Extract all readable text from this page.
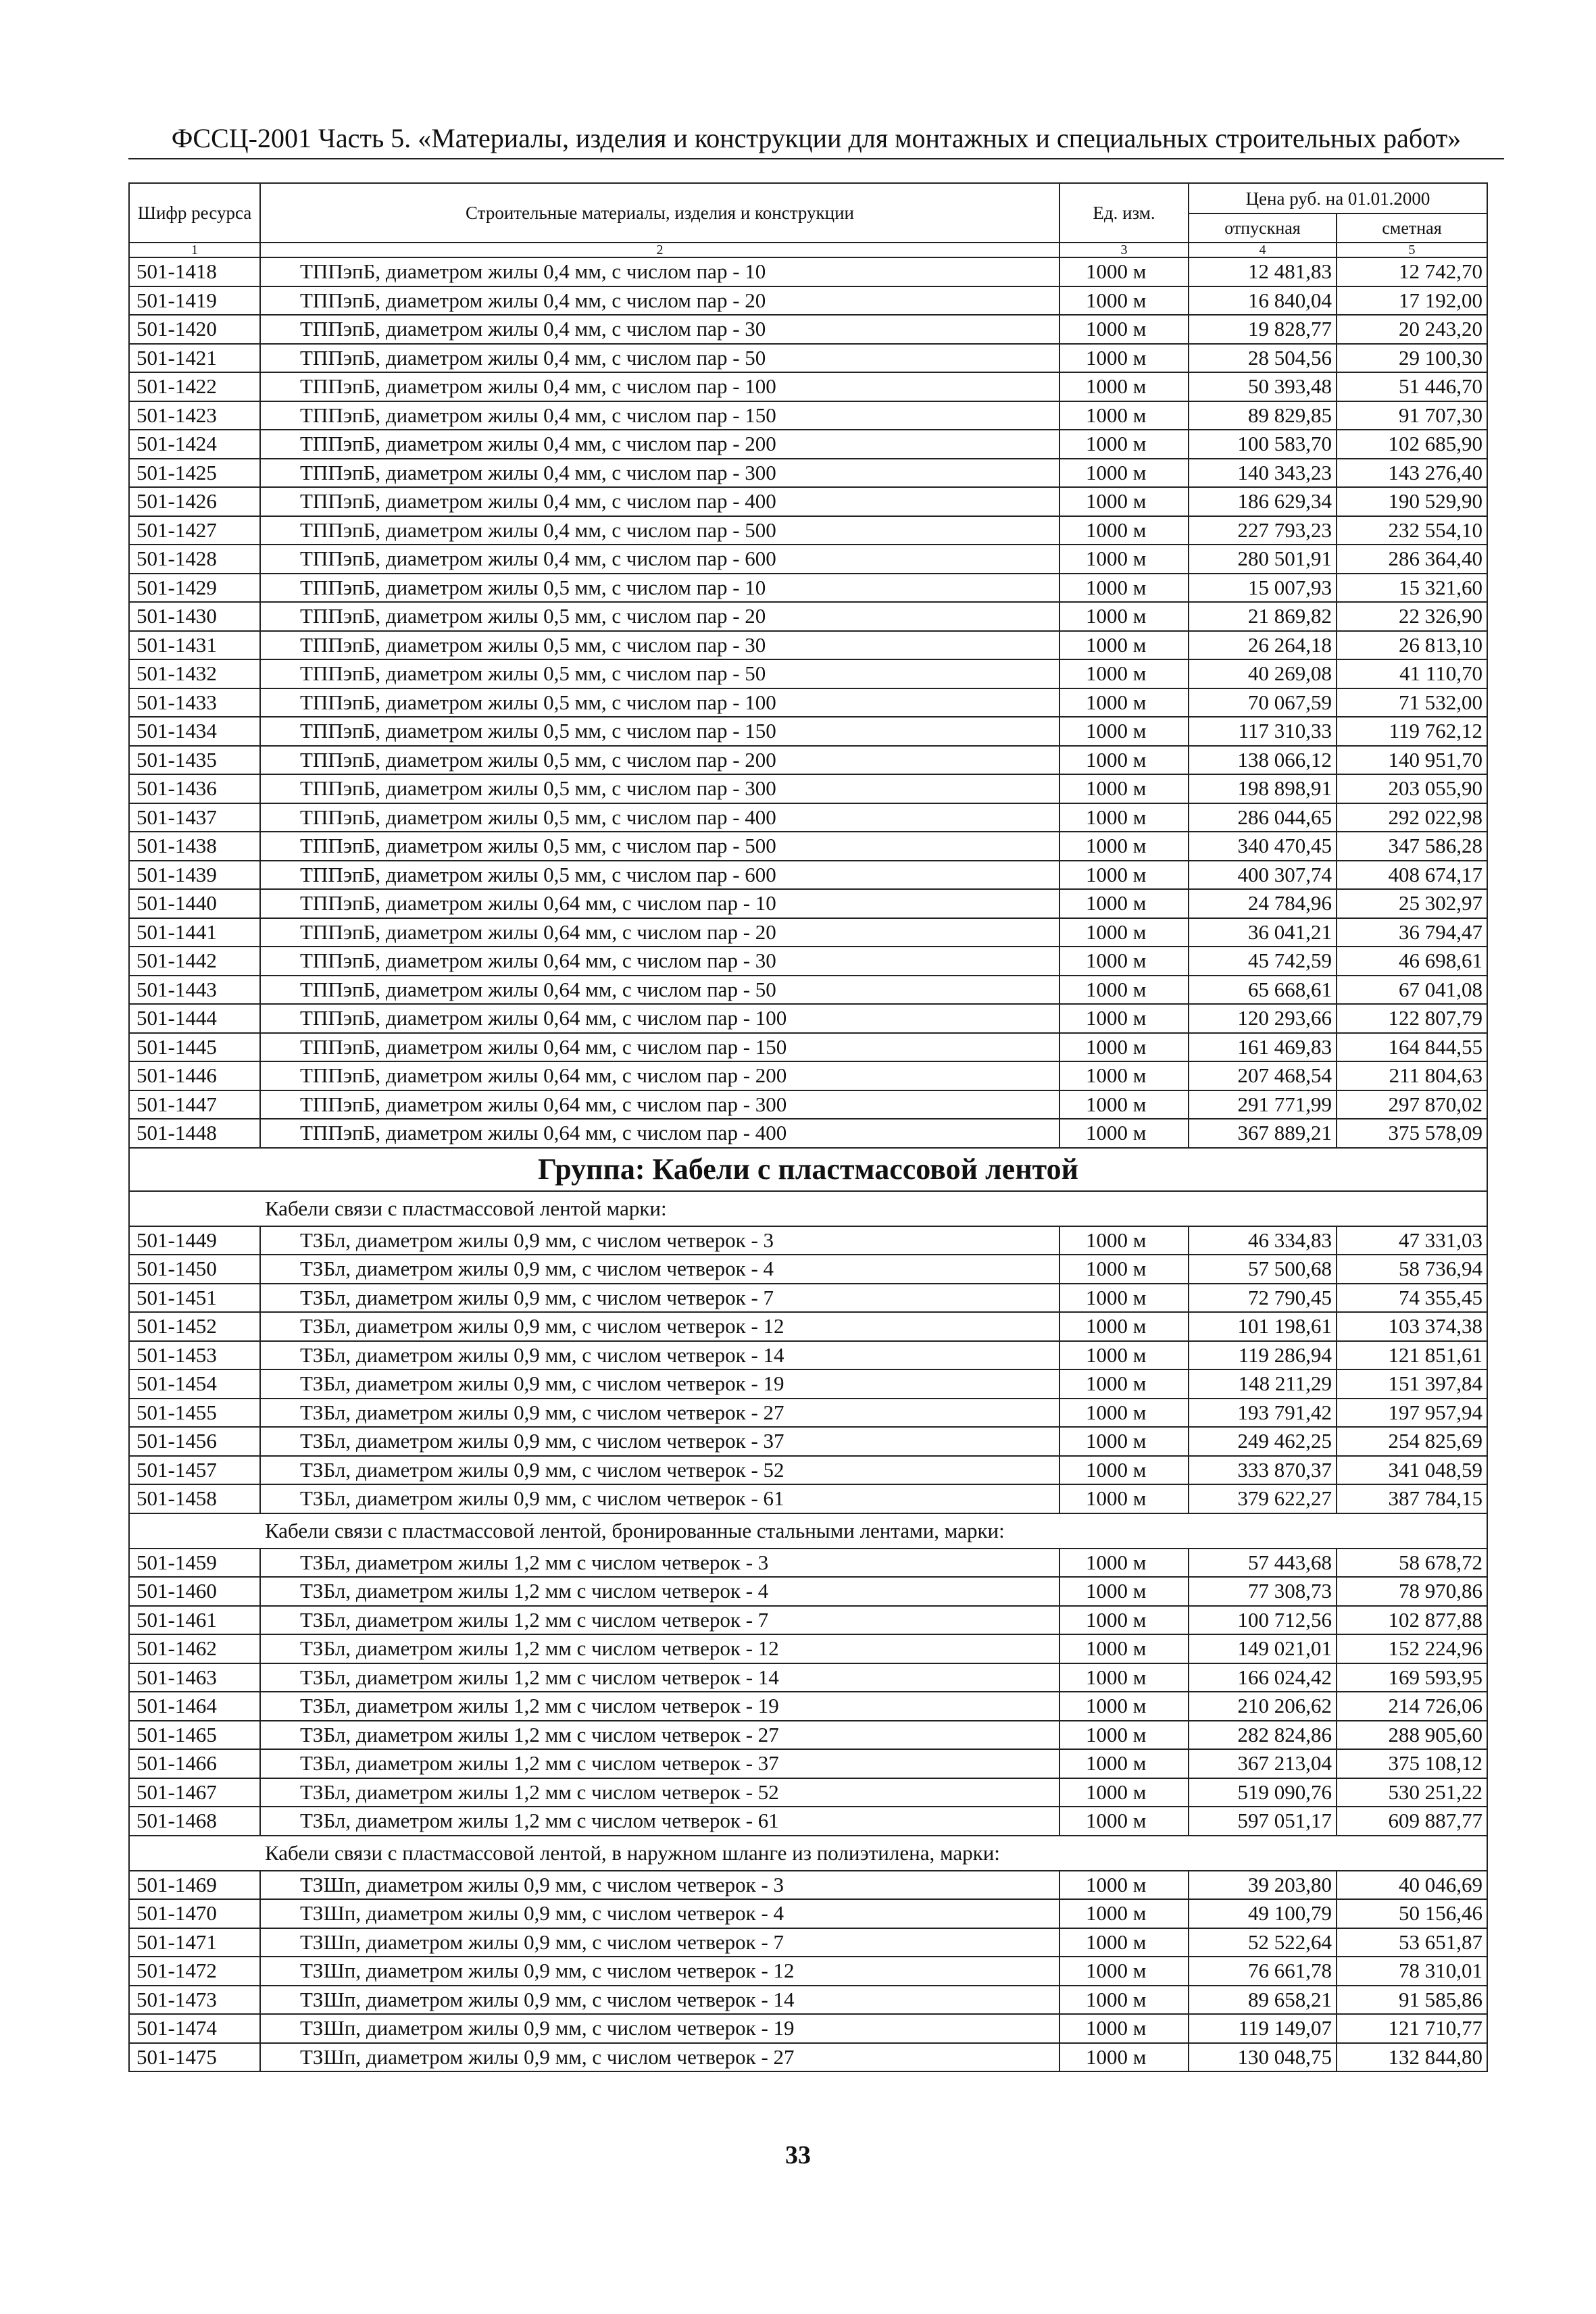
ФССЦ-2001 Часть 5. «Материалы, изделия и конструкции для монтажных и специальных строительных работ»
Шифр ресурса	Строительные материалы, изделия и конструкции	Ед. изм.	Цена руб. на 01.01.2000	
			отпускная	сметная
1	2	3	4	5
501-1418	ТППэпБ, диаметром жилы 0,4 мм, с числом пар - 10	1000 м	12 481,83	12 742,70
501-1419	ТППэпБ, диаметром жилы 0,4 мм, с числом пар - 20	1000 м	16 840,04	17 192,00
501-1420	ТППэпБ, диаметром жилы 0,4 мм, с числом пар - 30	1000 м	19 828,77	20 243,20
501-1421	ТППэпБ, диаметром жилы 0,4 мм, с числом пар - 50	1000 м	28 504,56	29 100,30
501-1422	ТППэпБ, диаметром жилы 0,4 мм, с числом пар - 100	1000 м	50 393,48	51 446,70
501-1423	ТППэпБ, диаметром жилы 0,4 мм, с числом пар - 150	1000 м	89 829,85	91 707,30
501-1424	ТППэпБ, диаметром жилы 0,4 мм, с числом пар - 200	1000 м	100 583,70	102 685,90
501-1425	ТППэпБ, диаметром жилы 0,4 мм, с числом пар - 300	1000 м	140 343,23	143 276,40
501-1426	ТППэпБ, диаметром жилы 0,4 мм, с числом пар - 400	1000 м	186 629,34	190 529,90
501-1427	ТППэпБ, диаметром жилы 0,4 мм, с числом пар - 500	1000 м	227 793,23	232 554,10
501-1428	ТППэпБ, диаметром жилы 0,4 мм, с числом пар - 600	1000 м	280 501,91	286 364,40
501-1429	ТППэпБ, диаметром жилы 0,5 мм, с числом пар - 10	1000 м	15 007,93	15 321,60
501-1430	ТППэпБ, диаметром жилы 0,5 мм, с числом пар - 20	1000 м	21 869,82	22 326,90
501-1431	ТППэпБ, диаметром жилы 0,5 мм, с числом пар - 30	1000 м	26 264,18	26 813,10
501-1432	ТППэпБ, диаметром жилы 0,5 мм, с числом пар - 50	1000 м	40 269,08	41 110,70
501-1433	ТППэпБ, диаметром жилы 0,5 мм, с числом пар - 100	1000 м	70 067,59	71 532,00
501-1434	ТППэпБ, диаметром жилы 0,5 мм, с числом пар - 150	1000 м	117 310,33	119 762,12
501-1435	ТППэпБ, диаметром жилы 0,5 мм, с числом пар - 200	1000 м	138 066,12	140 951,70
501-1436	ТППэпБ, диаметром жилы 0,5 мм, с числом пар - 300	1000 м	198 898,91	203 055,90
501-1437	ТППэпБ, диаметром жилы 0,5 мм, с числом пар - 400	1000 м	286 044,65	292 022,98
501-1438	ТППэпБ, диаметром жилы 0,5 мм, с числом пар - 500	1000 м	340 470,45	347 586,28
501-1439	ТППэпБ, диаметром жилы 0,5 мм, с числом пар - 600	1000 м	400 307,74	408 674,17
501-1440	ТППэпБ, диаметром жилы 0,64 мм, с числом пар - 10	1000 м	24 784,96	25 302,97
501-1441	ТППэпБ, диаметром жилы 0,64 мм, с числом пар - 20	1000 м	36 041,21	36 794,47
501-1442	ТППэпБ, диаметром жилы 0,64 мм, с числом пар - 30	1000 м	45 742,59	46 698,61
501-1443	ТППэпБ, диаметром жилы 0,64 мм, с числом пар - 50	1000 м	65 668,61	67 041,08
501-1444	ТППэпБ, диаметром жилы 0,64 мм, с числом пар - 100	1000 м	120 293,66	122 807,79
501-1445	ТППэпБ, диаметром жилы 0,64 мм, с числом пар - 150	1000 м	161 469,83	164 844,55
501-1446	ТППэпБ, диаметром жилы 0,64 мм, с числом пар - 200	1000 м	207 468,54	211 804,63
501-1447	ТППэпБ, диаметром жилы 0,64 мм, с числом пар - 300	1000 м	291 771,99	297 870,02
501-1448	ТППэпБ, диаметром жилы 0,64 мм, с числом пар - 400	1000 м	367 889,21	375 578,09
Группа: Кабели с пластмассовой лентой				
Кабели связи с пластмассовой лентой марки:				
501-1449	ТЗБл, диаметром жилы 0,9 мм, с числом четверок - 3	1000 м	46 334,83	47 331,03
501-1450	ТЗБл, диаметром жилы 0,9 мм, с числом четверок - 4	1000 м	57 500,68	58 736,94
501-1451	ТЗБл, диаметром жилы 0,9 мм, с числом четверок - 7	1000 м	72 790,45	74 355,45
501-1452	ТЗБл, диаметром жилы 0,9 мм, с числом четверок - 12	1000 м	101 198,61	103 374,38
501-1453	ТЗБл, диаметром жилы 0,9 мм, с числом четверок - 14	1000 м	119 286,94	121 851,61
501-1454	ТЗБл, диаметром жилы 0,9 мм, с числом четверок - 19	1000 м	148 211,29	151 397,84
501-1455	ТЗБл, диаметром жилы 0,9 мм, с числом четверок - 27	1000 м	193 791,42	197 957,94
501-1456	ТЗБл, диаметром жилы 0,9 мм, с числом четверок - 37	1000 м	249 462,25	254 825,69
501-1457	ТЗБл, диаметром жилы 0,9 мм, с числом четверок - 52	1000 м	333 870,37	341 048,59
501-1458	ТЗБл, диаметром жилы 0,9 мм, с числом четверок - 61	1000 м	379 622,27	387 784,15
Кабели связи с пластмассовой лентой, бронированные стальными лентами, марки:				
501-1459	ТЗБл, диаметром жилы 1,2 мм с числом четверок - 3	1000 м	57 443,68	58 678,72
501-1460	ТЗБл, диаметром жилы 1,2 мм с числом четверок - 4	1000 м	77 308,73	78 970,86
501-1461	ТЗБл, диаметром жилы 1,2 мм с числом четверок - 7	1000 м	100 712,56	102 877,88
501-1462	ТЗБл, диаметром жилы 1,2 мм с числом четверок - 12	1000 м	149 021,01	152 224,96
501-1463	ТЗБл, диаметром жилы 1,2 мм с числом четверок - 14	1000 м	166 024,42	169 593,95
501-1464	ТЗБл, диаметром жилы 1,2 мм с числом четверок - 19	1000 м	210 206,62	214 726,06
501-1465	ТЗБл, диаметром жилы 1,2 мм с числом четверок - 27	1000 м	282 824,86	288 905,60
501-1466	ТЗБл, диаметром жилы 1,2 мм с числом четверок - 37	1000 м	367 213,04	375 108,12
501-1467	ТЗБл, диаметром жилы 1,2 мм с числом четверок - 52	1000 м	519 090,76	530 251,22
501-1468	ТЗБл, диаметром жилы 1,2 мм с числом четверок - 61	1000 м	597 051,17	609 887,77
Кабели связи с пластмассовой лентой, в наружном шланге из полиэтилена, марки:				
501-1469	ТЗШп, диаметром жилы 0,9 мм, с числом четверок - 3	1000 м	39 203,80	40 046,69
501-1470	ТЗШп, диаметром жилы 0,9 мм, с числом четверок - 4	1000 м	49 100,79	50 156,46
501-1471	ТЗШп, диаметром жилы 0,9 мм, с числом четверок - 7	1000 м	52 522,64	53 651,87
501-1472	ТЗШп, диаметром жилы 0,9 мм, с числом четверок - 12	1000 м	76 661,78	78 310,01
501-1473	ТЗШп, диаметром жилы 0,9 мм, с числом четверок - 14	1000 м	89 658,21	91 585,86
501-1474	ТЗШп, диаметром жилы 0,9 мм, с числом четверок - 19	1000 м	119 149,07	121 710,77
501-1475	ТЗШп, диаметром жилы 0,9 мм, с числом четверок - 27	1000 м	130 048,75	132 844,80
33
